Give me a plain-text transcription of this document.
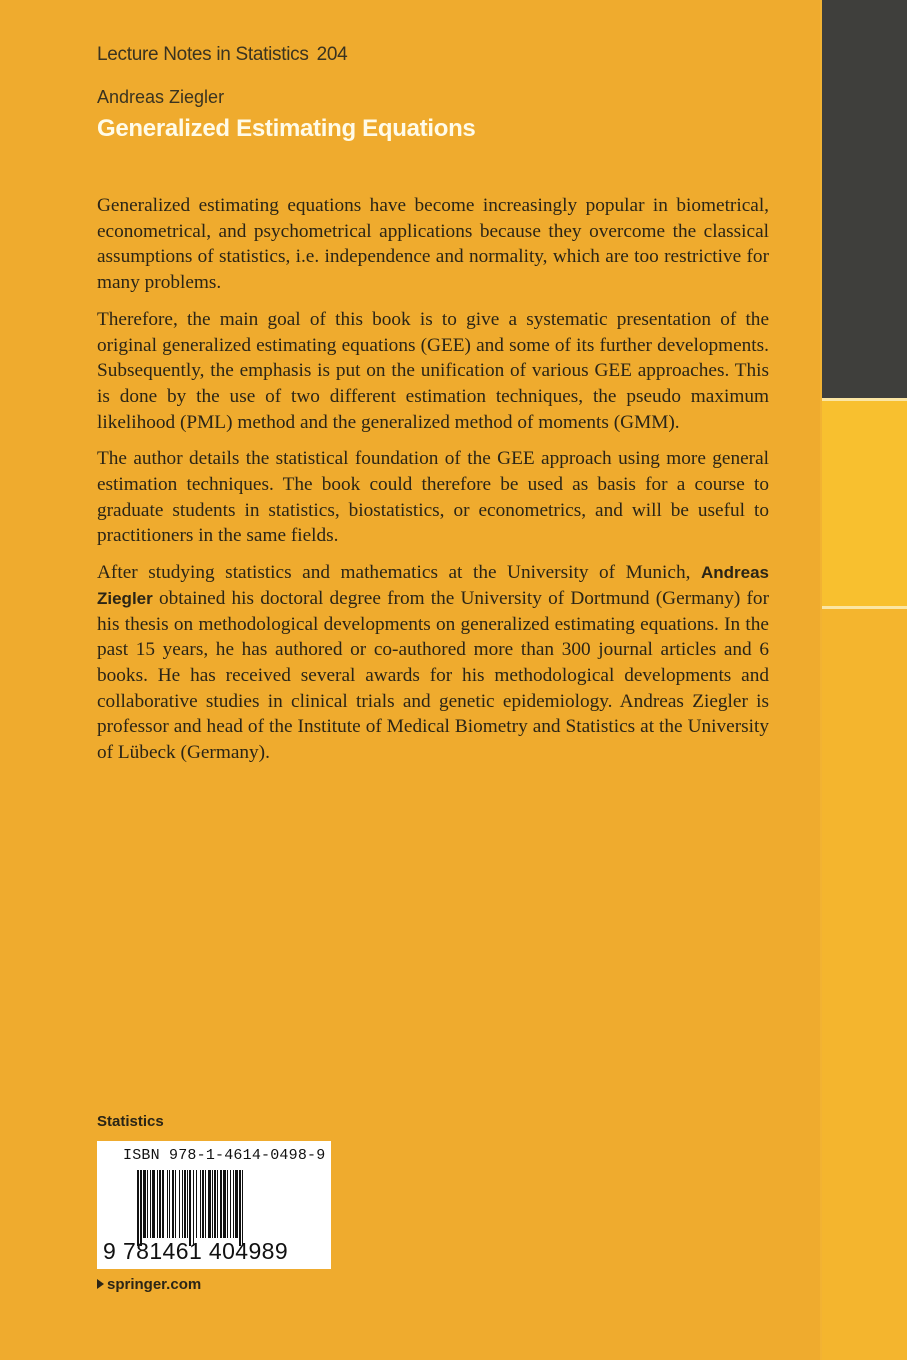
Lecture Notes in Statistics 204
Andreas Ziegler
Generalized Estimating Equations

Generalized estimating equations have become increasingly popular in biometrical, econometrical, and psychometrical applications because they overcome the classical assumptions of statistics, i.e. independence and normality, which are too restrictive for many problems.

Therefore, the main goal of this book is to give a systematic presentation of the original generalized estimating equations (GEE) and some of its further developments. Subsequently, the emphasis is put on the unification of various GEE approaches. This is done by the use of two different estimation techniques, the pseudo maximum likelihood (PML) method and the generalized method of moments (GMM).

The author details the statistical foundation of the GEE approach using more general estimation techniques. The book could therefore be used as basis for a course to graduate students in statistics, biostatistics, or econometrics, and will be useful to practitioners in the same fields.

After studying statistics and mathematics at the University of Munich, Andreas Ziegler obtained his doctoral degree from the University of Dortmund (Germany) for his thesis on methodological developments on generalized estimating equations. In the past 15 years, he has authored or co-authored more than 300 journal articles and 6 books. He has received several awards for his methodological developments and collaborative studies in clinical trials and genetic epidemiology. Andreas Ziegler is professor and head of the Institute of Medical Biometry and Statistics at the University of Lübeck (Germany).

Statistics
ISBN 978-1-4614-0498-9
9 781461 404989
springer.com
